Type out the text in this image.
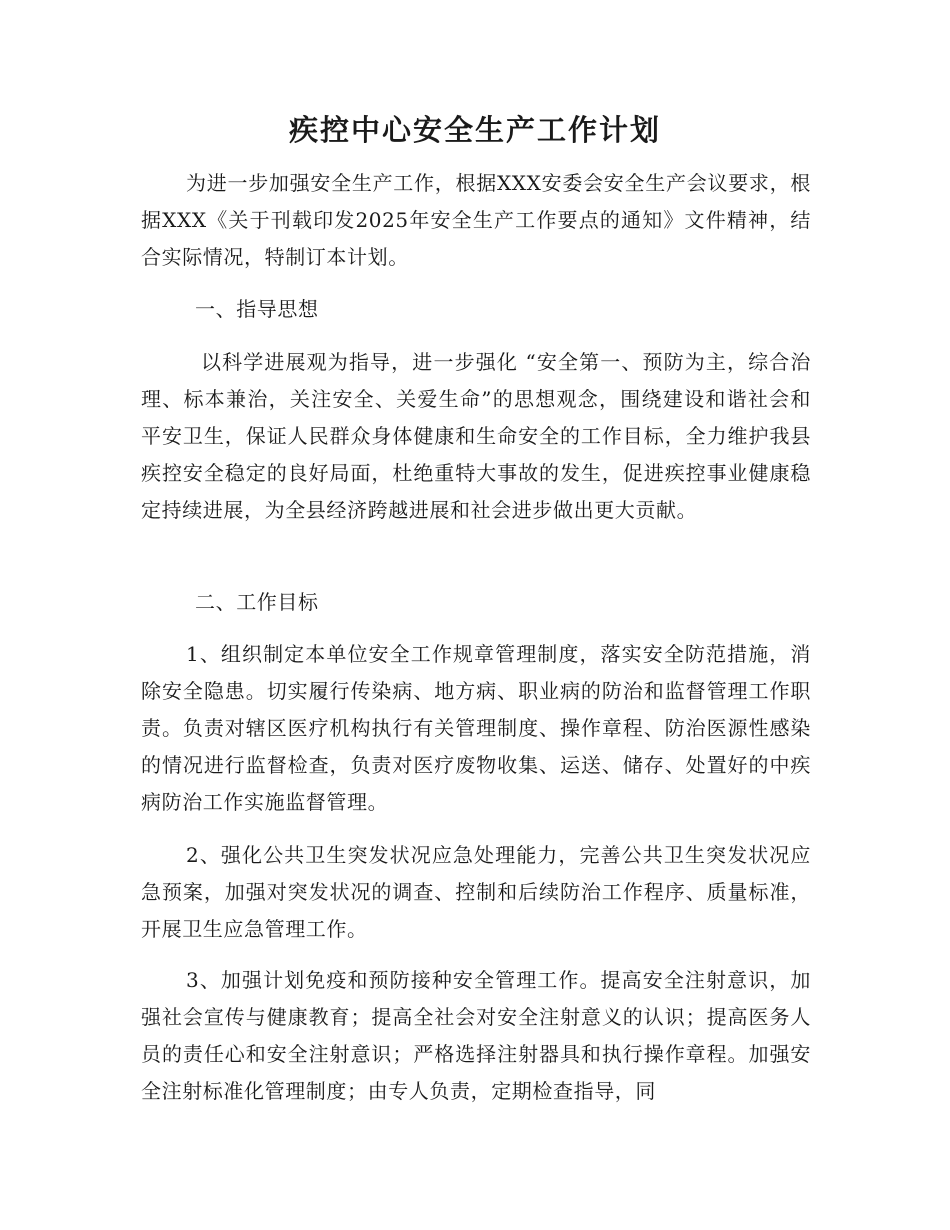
疾控中心安全生产工作计划
为进一步加强安全生产工作，根据XXX安委会安全生产会议要求，根据XXX《关于刊载印发2025年安全生产工作要点的通知》文件精神，结合实际情况，特制订本计划。
一、指导思想
以科学进展观为指导，进一步强化 “安全第一、预防为主，综合治理、标本兼治，关注安全、关爱生命”的思想观念，围绕建设和谐社会和平安卫生，保证人民群众身体健康和生命安全的工作目标，全力维护我县疾控安全稳定的良好局面，杜绝重特大事故的发生，促进疾控事业健康稳定持续进展，为全县经济跨越进展和社会进步做出更大贡献。
二、工作目标
1、组织制定本单位安全工作规章管理制度，落实安全防范措施，消除安全隐患。切实履行传染病、地方病、职业病的防治和监督管理工作职责。负责对辖区医疗机构执行有关管理制度、操作章程、防治医源性感染的情况进行监督检查，负责对医疗废物收集、运送、储存、处置好的中疾病防治工作实施监督管理。
2、强化公共卫生突发状况应急处理能力，完善公共卫生突发状况应急预案，加强对突发状况的调查、控制和后续防治工作程序、质量标准，开展卫生应急管理工作。
3、加强计划免疫和预防接种安全管理工作。提高安全注射意识，加强社会宣传与健康教育；提高全社会对安全注射意义的认识；提高医务人员的责任心和安全注射意识；严格选择注射器具和执行操作章程。加强安全注射标准化管理制度；由专人负责，定期检查指导，同
